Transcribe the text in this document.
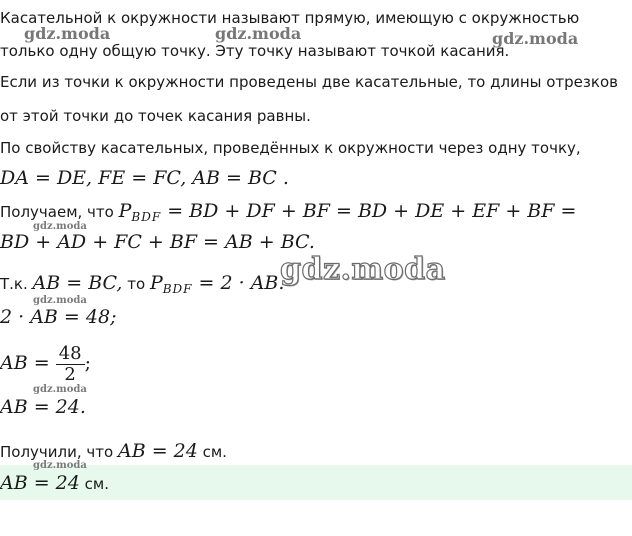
Касательной к окружности называют прямую, имеющую с окружностью
только одну общую точку. Эту точку называют точкой касания.
Если из точки к окружности проведены две касательные, то длины отрезков
от этой точки до точек касания равны.
По свойству касательных, проведённых к окружности через одну точку,
DA = DE, FE = FC, AB = BC .
Получаем, что $P_{BDF}$ = BD + DF + BF = BD + DE + EF + BF =
BD + AD + FC + BF = AB + BC.
Т.к. AB = BC, то $P_{BDF} = 2$ · AB.
2 · AB = 48;
AB = $\frac{48}{2}$ ;
AB = 24.
Получили, что AB = 24 см.
AB = 24 см.
gdz.moda	gdz.moda	gdz.moda
gdz.moda
gdz.moda
gdz.moda
gdz.moda
gdz.moda
